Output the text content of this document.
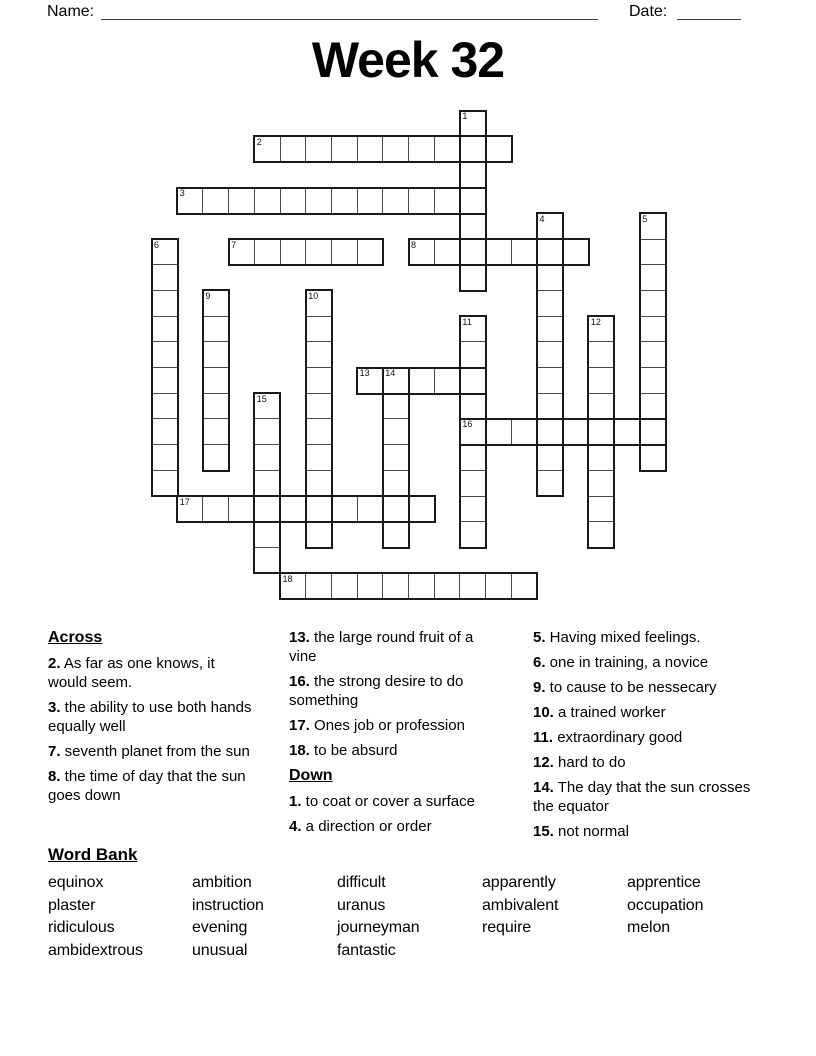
Name:	Date:
Week 32
1
2
3
4	5
6	7	8
9	10
11
16
12
13 14
15
17
18
Across
2. As far as one knows, it would seem.
3. the ability to use both hands equally well
7. seventh planet from the sun
8. the time of day that the sun goes down
13. the large round fruit of a vine
16. the strong desire to do something
17. Ones job or profession
18. to be absurd
Down
1. to coat or cover a surface
4. a direction or order
5. Having mixed feelings.
6. one in training, a novice
9. to cause to be nessecary
10. a trained worker
11. extraordinary good
12. hard to do
14. The day that the sun crosses the equator
15. not normal
Word Bank
equinox	ambition	difficult	apparently	apprentice
plaster	instruction	uranus	ambivalent	occupation
ridiculous	evening	journeyman	require	melon
ambidextrous	unusual	fantastic
